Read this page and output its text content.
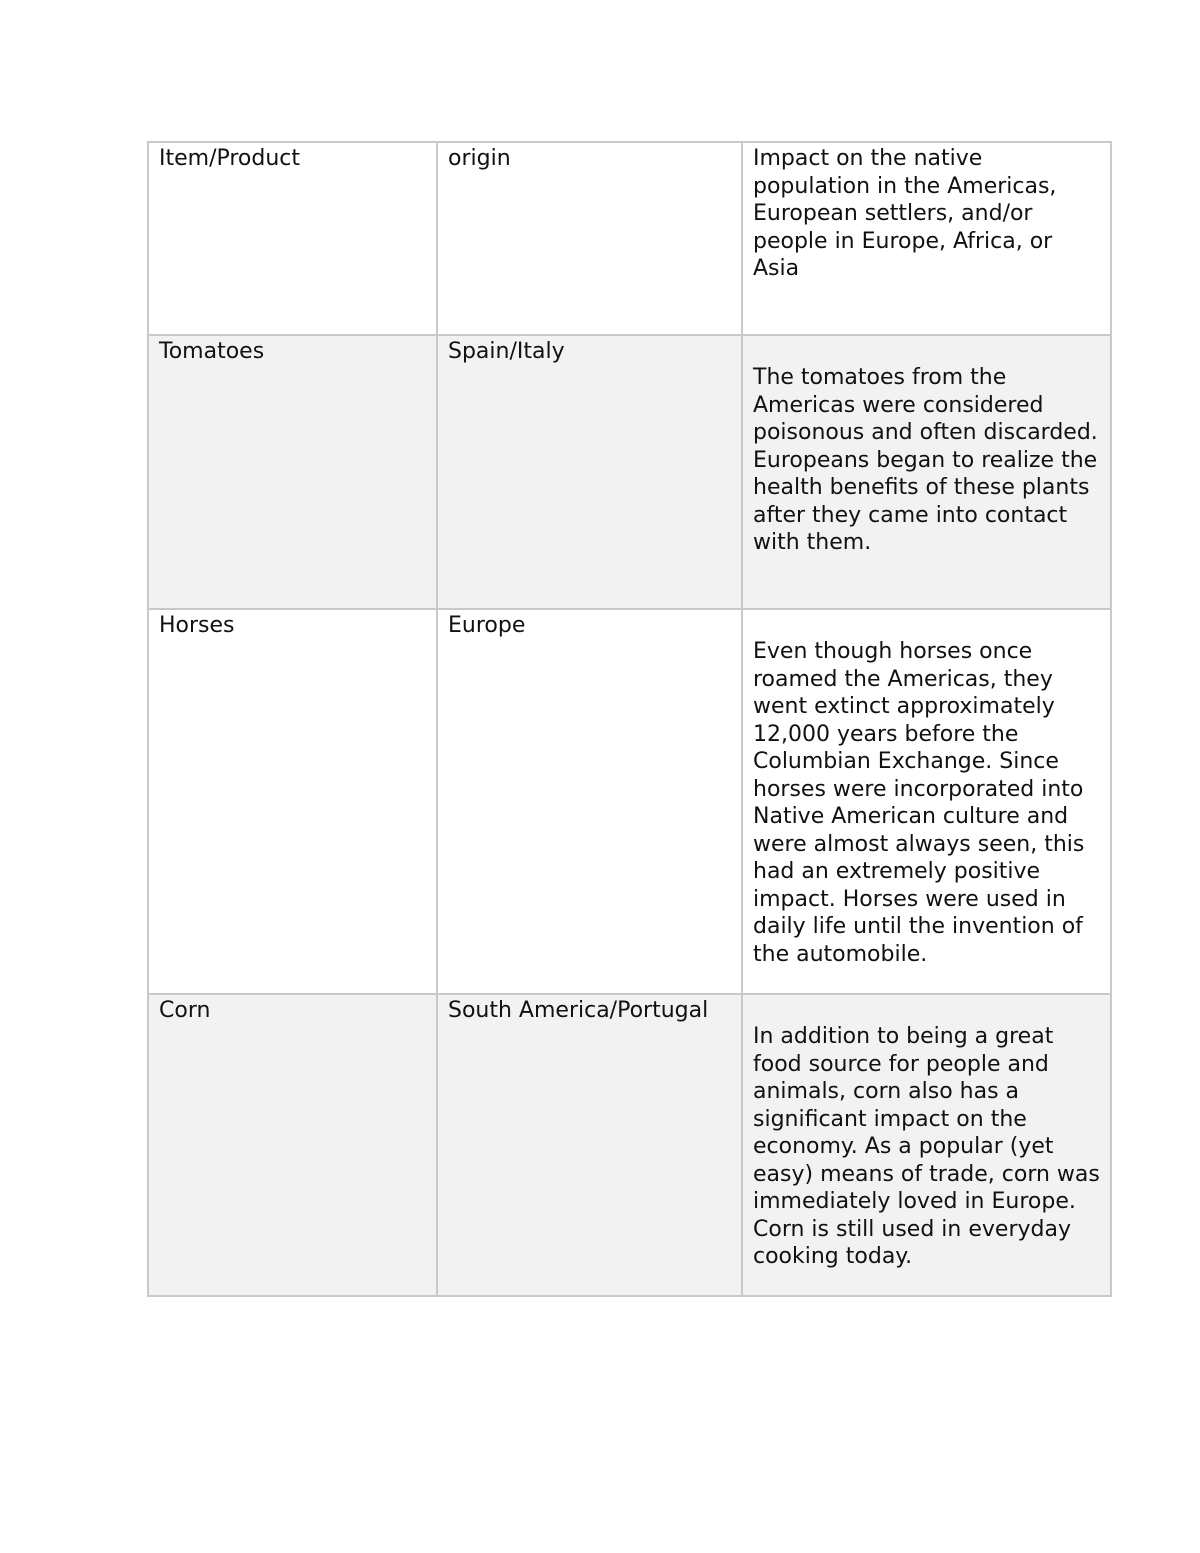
Item/Product	origin	Impact on the native population in the Americas, European settlers, and/or people in Europe, Africa, or Asia
Tomatoes	Spain/Italy	The tomatoes from the Americas were considered poisonous and often discarded. Europeans began to realize the health benefits of these plants after they came into contact with them.

Horses	Europe	Even though horses once roamed the Americas, they went extinct approximately 12,000 years before the Columbian Exchange. Since horses were incorporated into Native American culture and were almost always seen, this had an extremely positive impact. Horses were used in daily life until the invention of the automobile.

Corn	South America/Portugal	In addition to being a great food source for people and animals, corn also has a significant impact on the economy. As a popular (yet easy) means of trade, corn was immediately loved in Europe. Corn is still used in everyday cooking today.
